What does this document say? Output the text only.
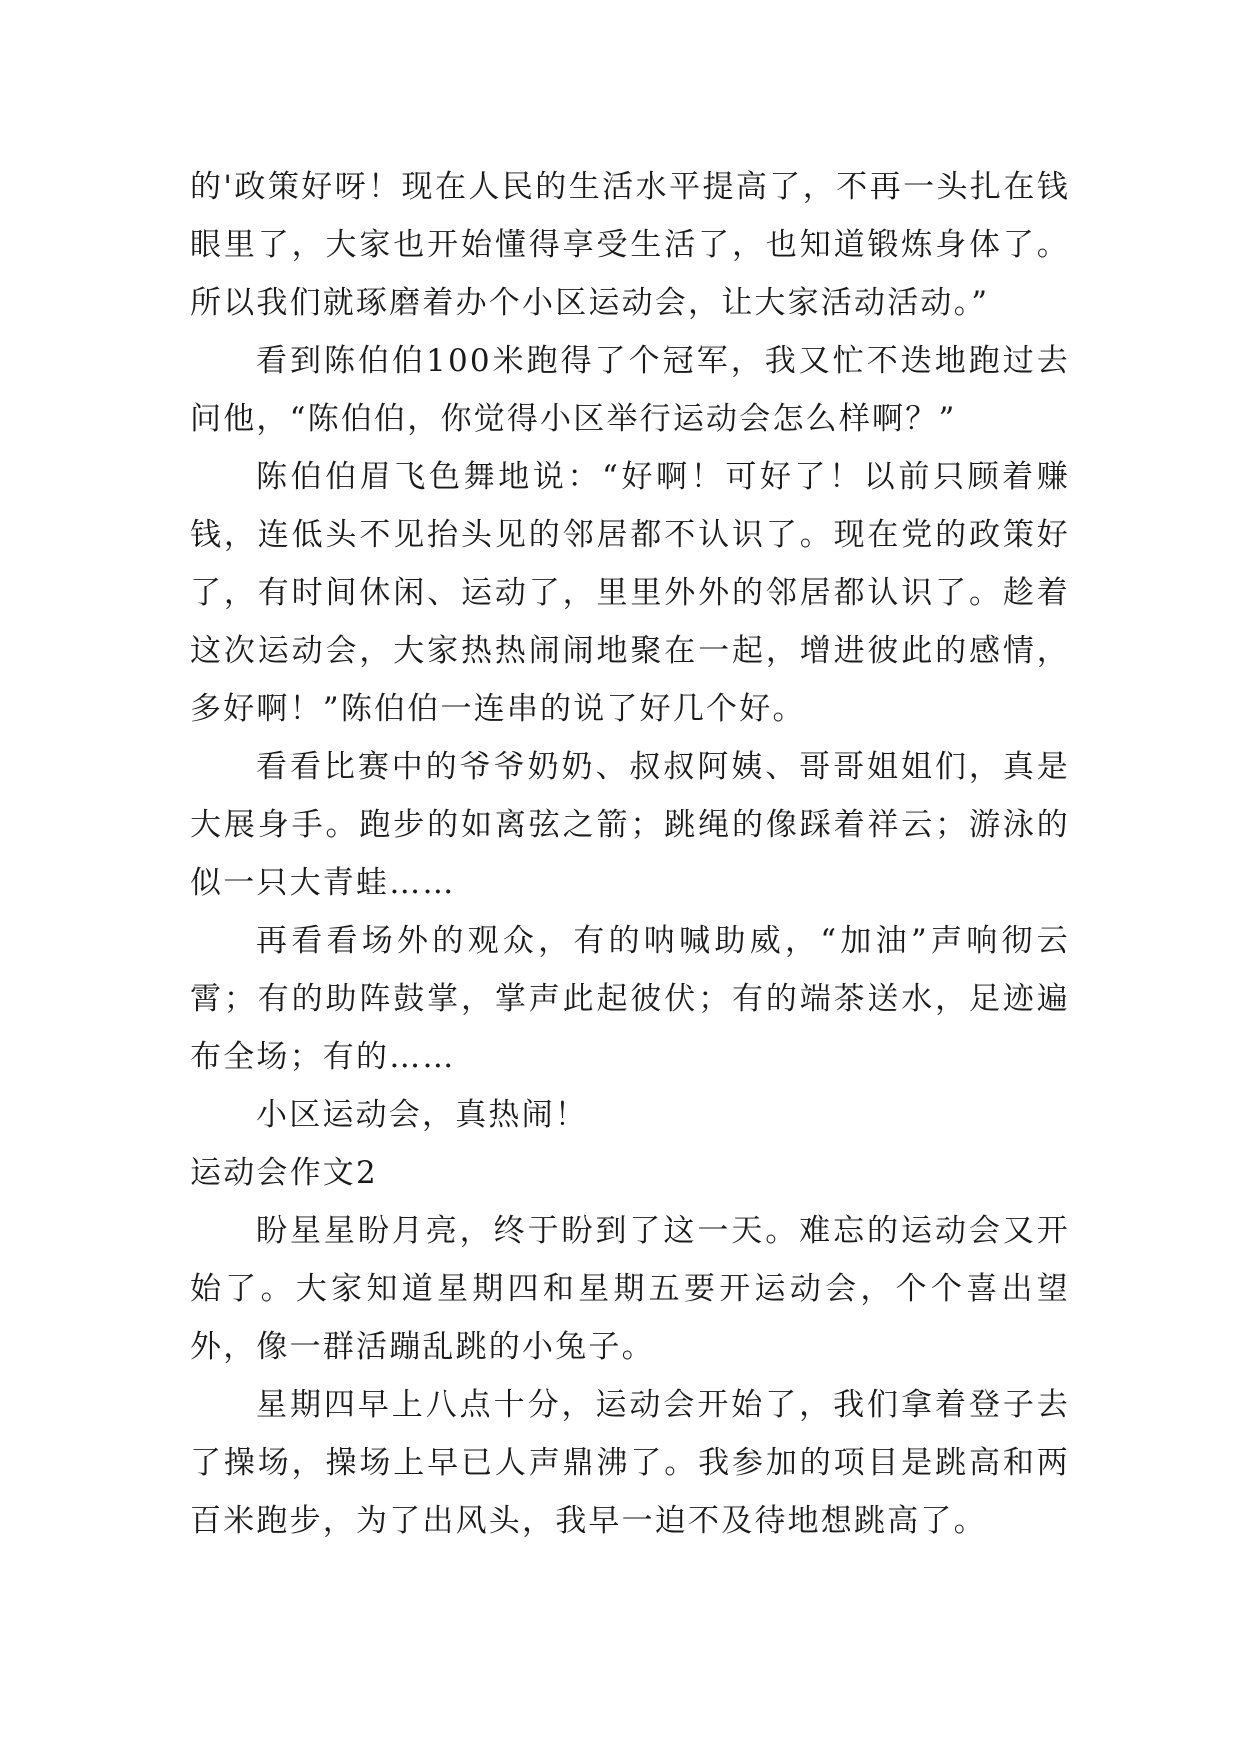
的'政策好呀！现在人民的生活水平提高了，不再一头扎在钱眼里了，大家也开始懂得享受生活了，也知道锻炼身体了。所以我们就琢磨着办个小区运动会，让大家活动活动。”

看到陈伯伯100米跑得了个冠军，我又忙不迭地跑过去问他，“陈伯伯，你觉得小区举行运动会怎么样啊？”

陈伯伯眉飞色舞地说：“好啊！可好了！以前只顾着赚钱，连低头不见抬头见的邻居都不认识了。现在党的政策好了，有时间休闲、运动了，里里外外的邻居都认识了。趁着这次运动会，大家热热闹闹地聚在一起，增进彼此的感情，多好啊！”陈伯伯一连串的说了好几个好。

看看比赛中的爷爷奶奶、叔叔阿姨、哥哥姐姐们，真是大展身手。跑步的如离弦之箭；跳绳的像踩着祥云；游泳的似一只大青蛙……

再看看场外的观众，有的呐喊助威，“加油”声响彻云霄；有的助阵鼓掌，掌声此起彼伏；有的端茶送水，足迹遍布全场；有的……

小区运动会，真热闹！

运动会作文2

盼星星盼月亮，终于盼到了这一天。难忘的运动会又开始了。大家知道星期四和星期五要开运动会，个个喜出望外，像一群活蹦乱跳的小兔子。

星期四早上八点十分，运动会开始了，我们拿着登子去了操场，操场上早已人声鼎沸了。我参加的项目是跳高和两百米跑步，为了出风头，我早一迫不及待地想跳高了。
